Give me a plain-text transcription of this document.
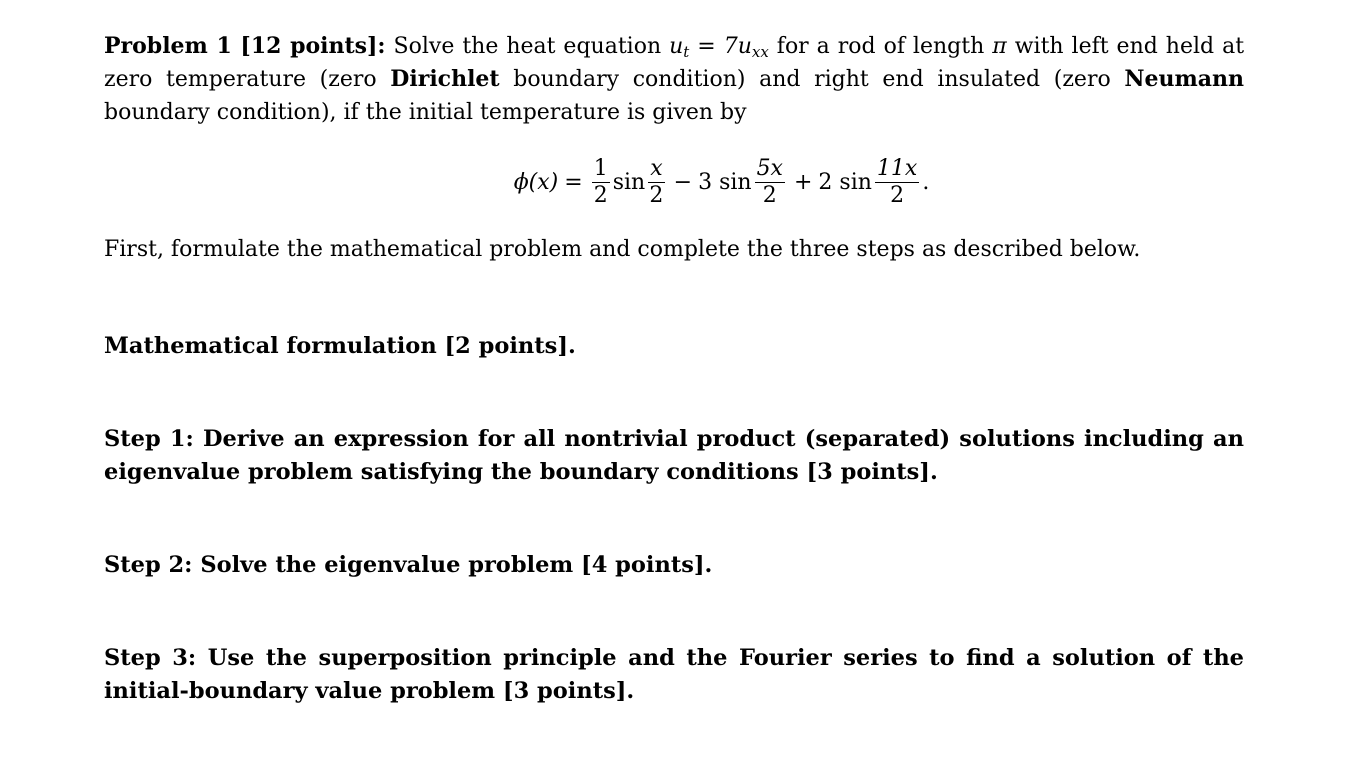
Problem 1 [12 points]: Solve the heat equation $u_t = 7u_{xx}$ for a rod of length π with left end held at zero temperature (zero Dirichlet boundary condition) and right end insulated (zero Neumann boundary condition), if the initial temperature is given by

$\phi(x) = \frac{1}{2}$ $\sin \frac{x}{2} - 3$
$\sin \frac{5x}{2} + 2$
$\sin \frac{11x}{2}$ .

First, formulate the mathematical problem and complete the three steps as described below.

Mathematical formulation [2 points].

Step 1: Derive an expression for all nontrivial product (separated) solutions including an eigenvalue problem satisfying the boundary conditions [3 points].

Step 2: Solve the eigenvalue problem [4 points].

Step 3: Use the superposition principle and the Fourier series to find a solution of the initial-boundary value problem [3 points].
